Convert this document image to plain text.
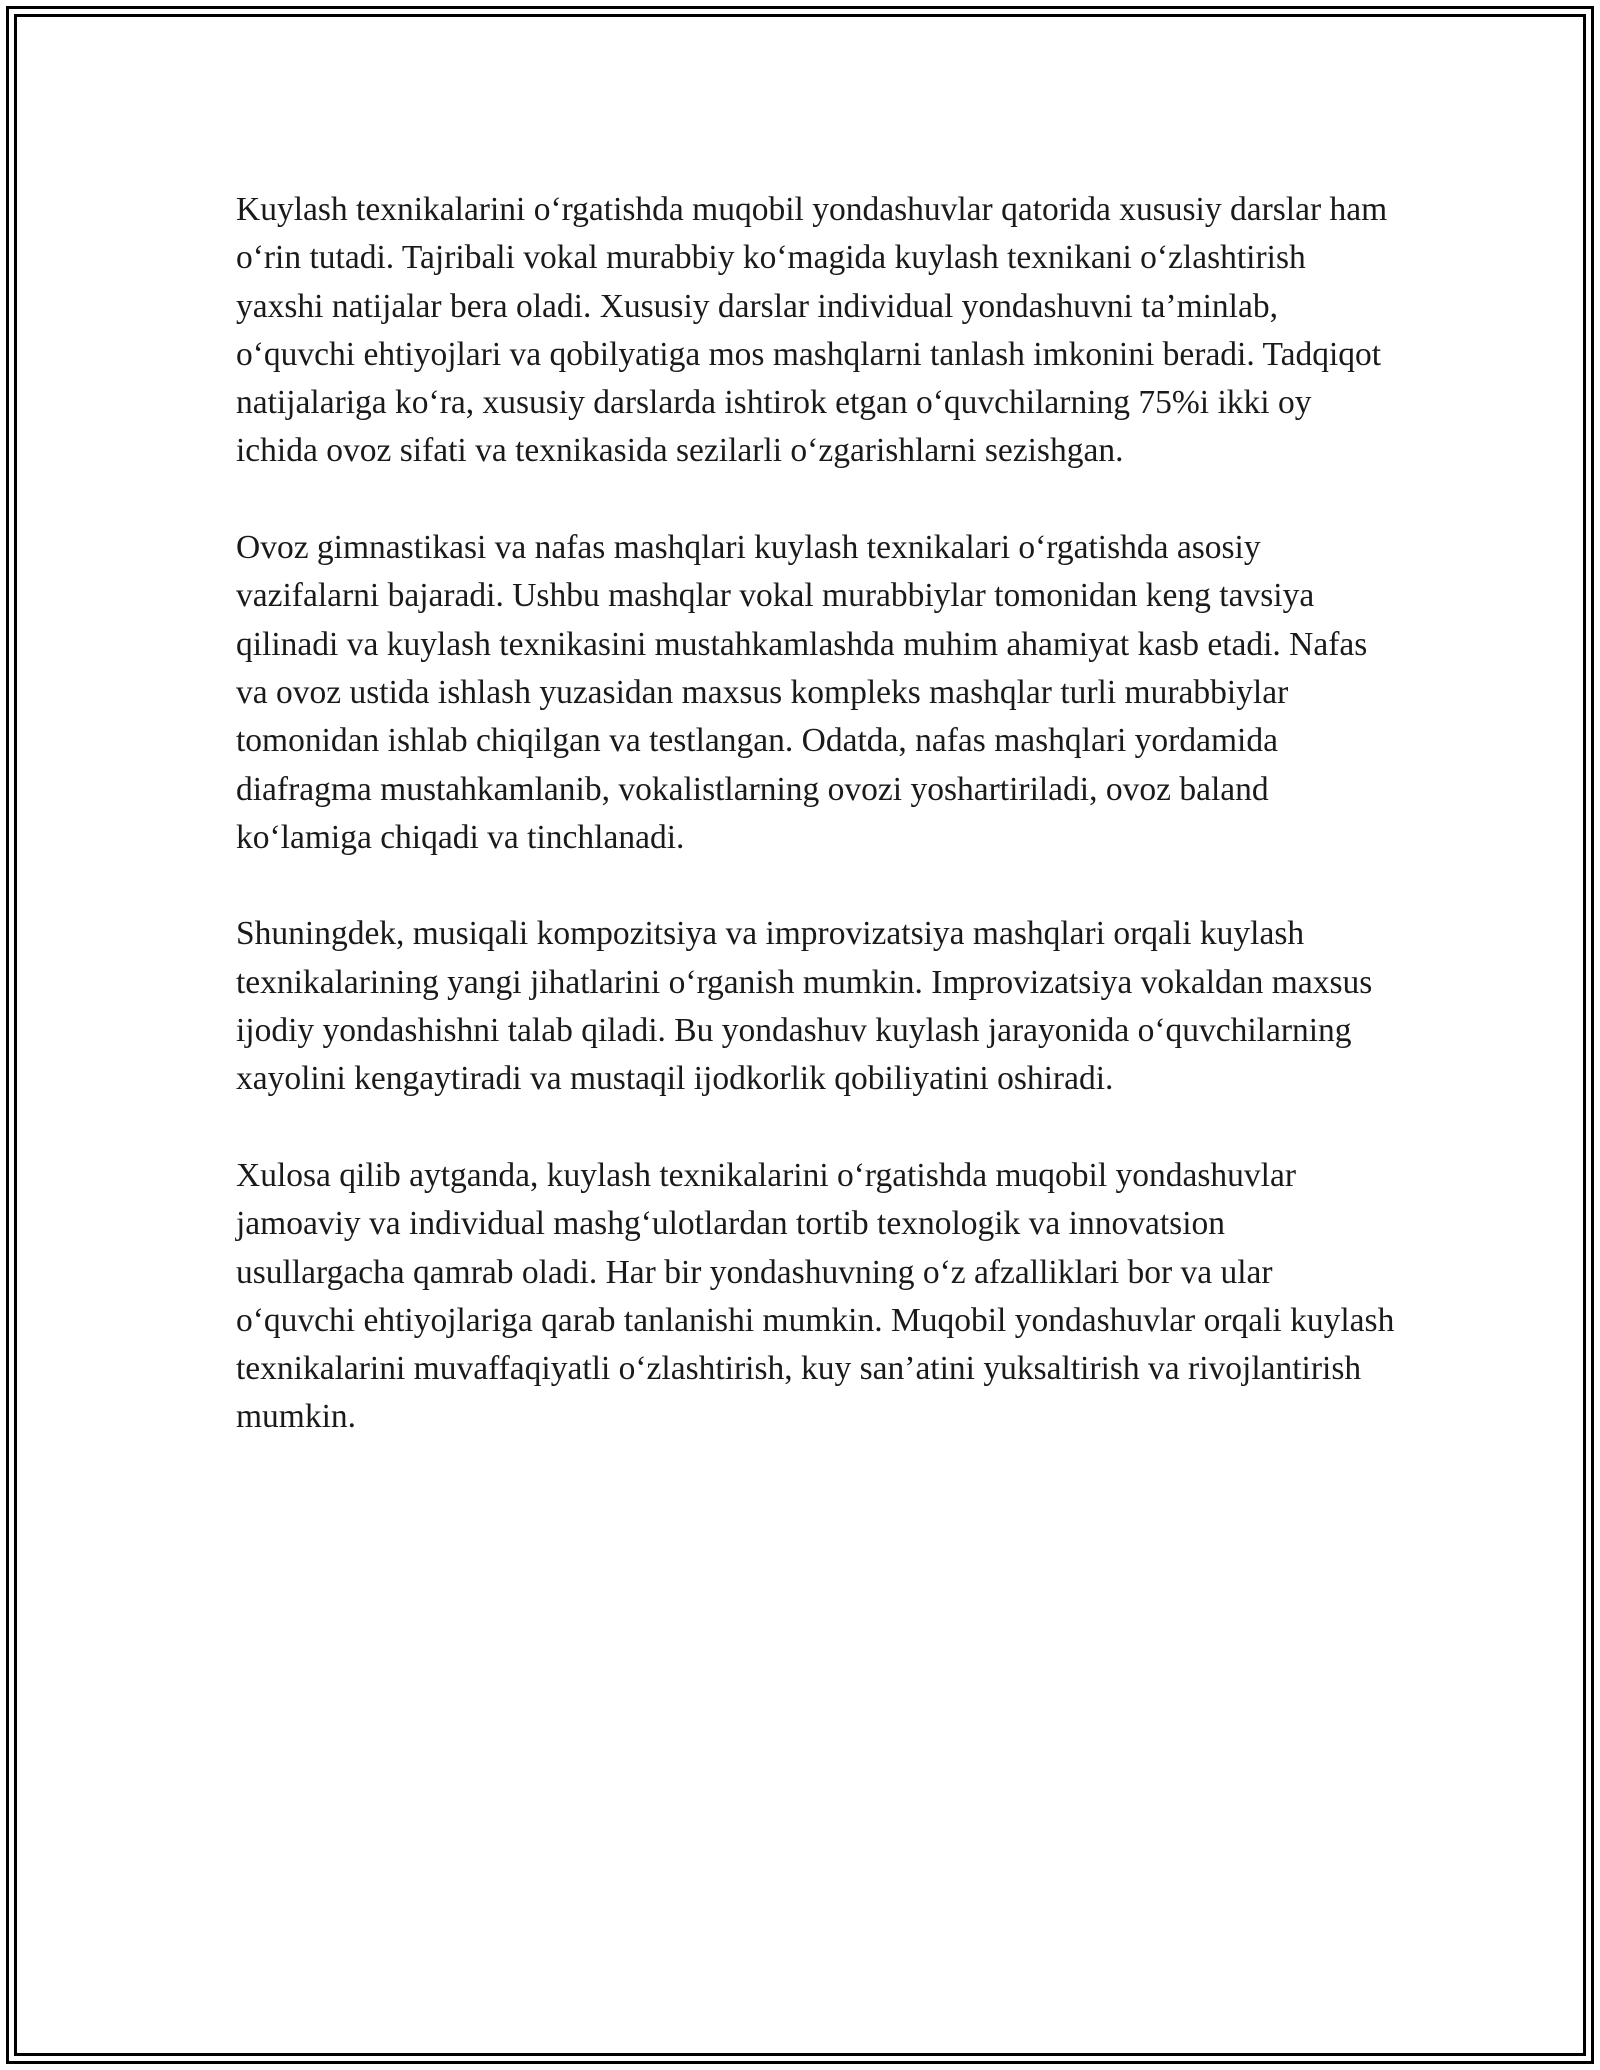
Kuylash texnikalarini o‘rgatishda muqobil yondashuvlar qatorida xususiy darslar ham o‘rin tutadi. Tajribali vokal murabbiy ko‘magida kuylash texnikani o‘zlashtirish yaxshi natijalar bera oladi. Xususiy darslar individual yondashuvni ta’minlab, o‘quvchi ehtiyojlari va qobilyatiga mos mashqlarni tanlash imkonini beradi. Tadqiqot natijalariga ko‘ra, xususiy darslarda ishtirok etgan o‘quvchilarning 75%i ikki oy ichida ovoz sifati va texnikasida sezilarli o‘zgarishlarni sezishgan.

Ovoz gimnastikasi va nafas mashqlari kuylash texnikalari o‘rgatishda asosiy vazifalarni bajaradi. Ushbu mashqlar vokal murabbiylar tomonidan keng tavsiya qilinadi va kuylash texnikasini mustahkamlashda muhim ahamiyat kasb etadi. Nafas va ovoz ustida ishlash yuzasidan maxsus kompleks mashqlar turli murabbiylar tomonidan ishlab chiqilgan va testlangan. Odatda, nafas mashqlari yordamida diafragma mustahkamlanib, vokalistlarning ovozi yoshartiriladi, ovoz baland ko‘lamiga chiqadi va tinchlanadi.

Shuningdek, musiqali kompozitsiya va improvizatsiya mashqlari orqali kuylash texnikalarining yangi jihatlarini o‘rganish mumkin. Improvizatsiya vokaldan maxsus ijodiy yondashishni talab qiladi. Bu yondashuv kuylash jarayonida o‘quvchilarning xayolini kengaytiradi va mustaqil ijodkorlik qobiliyatini oshiradi.

Xulosa qilib aytganda, kuylash texnikalarini o‘rgatishda muqobil yondashuvlar jamoaviy va individual mashg‘ulotlardan tortib texnologik va innovatsion usullargacha qamrab oladi. Har bir yondashuvning o‘z afzalliklari bor va ular o‘quvchi ehtiyojlariga qarab tanlanishi mumkin. Muqobil yondashuvlar orqali kuylash texnikalarini muvaffaqiyatli o‘zlashtirish, kuy san’atini yuksaltirish va rivojlantirish mumkin.
